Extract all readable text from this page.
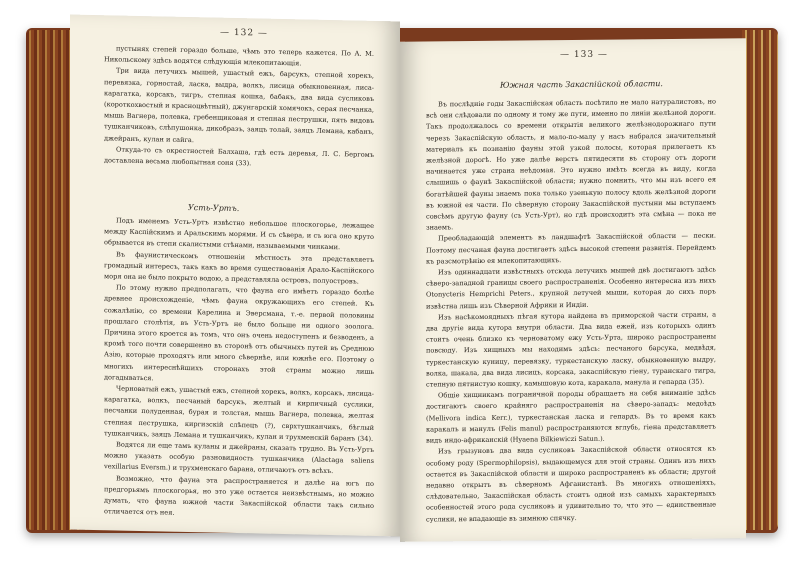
— 132 —

пустынях степей гораздо больше, чѣмъ это теперь кажется. По А. М. Никольскому здѣсь водятся слѣдующія млекопитающія.

Три вида летучихъ мышей, ушастый ежъ, барсукъ, степной хорекъ, перевязка, горностай, ласка, выдра, волкъ, лисица обыкновенная, лиса-карагатка, корсакъ, тигръ, степная кошка, бабакъ, два вида сусликовъ (короткохвостый и красноцвѣтный), джунгарскій хомячокъ, серая песчанка, мышь Вагнера, полевка, гребенщиковая и степная пеструшки, пять видовъ тушканчиковъ, слѣпушонка, дикобразъ, заяцъ толай, заяцъ Лемана, кабанъ, джейранъ, кулан и сайга.

Откуда-то съ окрестностей Балхаша, гдѣ есть деревья, Л. С. Бергомъ доставлена весьма любопытная соня (33).

Усть-Уртъ.

Подъ именемъ Усть-Уртъ извѣстно небольшое плоскогорье, лежащее между Каспійскимъ и Аральскимъ морями. И съ сѣвера, и съ юга оно круто обрывается въ степи скалистыми стѣнами, называемыми чинками.

Въ фаунистическомъ отношеніи мѣстность эта представляетъ громадный интересъ, такъ какъ во время существованія Арало-Каспійского моря она не было покрыто водою, а представляла островъ, полуостровъ.

По этому нужно предполагать, что фауна его имѣетъ гораздо болѣе древнее происхожденіе, чѣмъ фауна окружающихъ его степей. Къ сожалѣнію, со времени Карелина и Эверсмана, т.-е. первой половины прошлаго столѣтія, въ Усть-Уртъ не было больше ни одного зоолога. Причина этого кроется въ томъ, что онъ очень недоступенъ и безводенъ, а кромѣ того почти совершенно въ сторонѣ отъ обычныхъ путей въ Среднюю Азію, которые проходятъ или много сѣвернѣе, или южнѣе его. Поэтому о многихъ интереснѣйшихъ сторонахъ этой страны можно лишь догадываться.

Черноватый ежъ, ушастый ежъ, степной хорекъ, волкъ, корсакъ, лисица-карагатка, волкъ, песчаный барсукъ, желтый и кирпичный суслики, песчанки полуденная, бурая и толстая, мышь Вагнера, полевка, желтая степная пеструшка, киргизскій слѣпецъ (?), сврхтушканчикъ, бѣглый тушканчикъ, заяцъ Лемана и тушканчикъ, кулан и трухменскій баранъ (34).

Водятся ли еще тамъ куланы и джейраны, сказать трудно. Въ Усть-Уртъ можно указать особую разновидность тушканчика (Alactaga saliens vexillarius Eversm.) и трухменскаго барана, отличаютъ отъ всѣхъ.

Возможно, что фауна эта распространяется и далѣе на югъ по предгорьямъ плоскогорья, но это уже остается неизвѣстнымъ, но можно думать, что фауна южной части Закаспійской области такъ сильно отличается отъ нея.

— 133 —
Южная часть Закаспійской области.

Въ послѣдніе годы Закаспійская область посѣтило не мало натуралистовъ, но всѣ они слѣдовали по одному и тому же пути, именно по линіи желѣзной дороги. Такъ продолжалось со времени открытія великого желѣзнодорожнаго пути черезъ Закаспійскую область, и мало-по-малу у насъ набрался значительный материалъ къ познанію фауны этой узкой полосы, которая прилегаетъ къ желѣзной дорогѣ. Но уже далѣе верстъ пятидесяти въ сторону отъ дороги начинается уже страна неѣдомая. Это нужно имѣть всегда въ виду, когда слышишь о фаунѣ Закаспійской области; нужно помнить, что мы изъ всего ея богатѣйшей фауны знаемъ пока только узенькую полосу вдоль желѣзной дороги въ южной ея части. По сѣверную сторону Закаспійской пустыни мы вступаемъ совсѣмъ другую фауну (съ Усть-Урт), но гдѣ происходитъ эта смѣна — пока не знаемъ.

Преобладающій элементъ въ ландшафтѣ Закаспійской области — пески. Поэтому песчаная фауна достигаетъ здѣсь высокой степени развитія. Перейдемъ къ разсмотрѣнію ея млекопитающихъ.

Изъ одиннадцати извѣстныхъ отсюда летучихъ мышей двѣ достигаютъ здѣсь сѣверо-западной границы своего распространенія. Особенно интересна изъ нихъ Otonycteris Hemprichi Peters., крупной летучей мыши, которая до сихъ поръ извѣстна лишь изъ Сѣверной Африки и Индіи.

Изъ насѣкомоядныхъ пѣгая кутора найдена въ приморской части страны, а два другіе вида кутора внутри области. Два вида ежей, изъ которыхъ одинъ стоитъ очень близко къ черноватому ежу Усть-Урта, широко распространены повсюду. Изъ хищныхъ мы находимъ здѣсь: песчаного барсука, медвѣдя, туркестанскую куницу, перевязку, туркестанскую ласку, обыкновенную выдру, волка, шакала, два вида лисицъ, корсака, закаспійскую гіену, туранскаго тигра, степную пятнистую кошку, камышовую кота, каракала, манула и гепарда (35).

Общіе хищникамъ пограничной породы обращаетъ на себя вниманіе здѣсь достигаютъ своего крайняго распространенія на сѣверо-западъ: медоѣдъ (Mellivora indica Kerr.), туркестанская ласка и гепардъ. Въ то время какъ каракалъ и манулъ (Felis manul) распространяются вглубь, гіена представляетъ видъ индо-африканскій (Hyaena Bilkiewiczi Satun.).

Изъ грызуновъ два вида сусликовъ Закаспійской области относятся къ особому роду (Spermophilopsis), выдающемуся для этой страны. Одинъ изъ нихъ остается въ Закаспійской области и широко распространенъ въ области; другой недавно открытъ въ сѣверномъ Афганистанѣ. Въ многихъ отношеніяхъ, слѣдовательно, Закаспійская область стоитъ одной изъ самыхъ характерныхъ особенностей этого рода сусликовъ и удивительно то, что это — единственные суслики, не впадающіе въ зимнюю спячку.
